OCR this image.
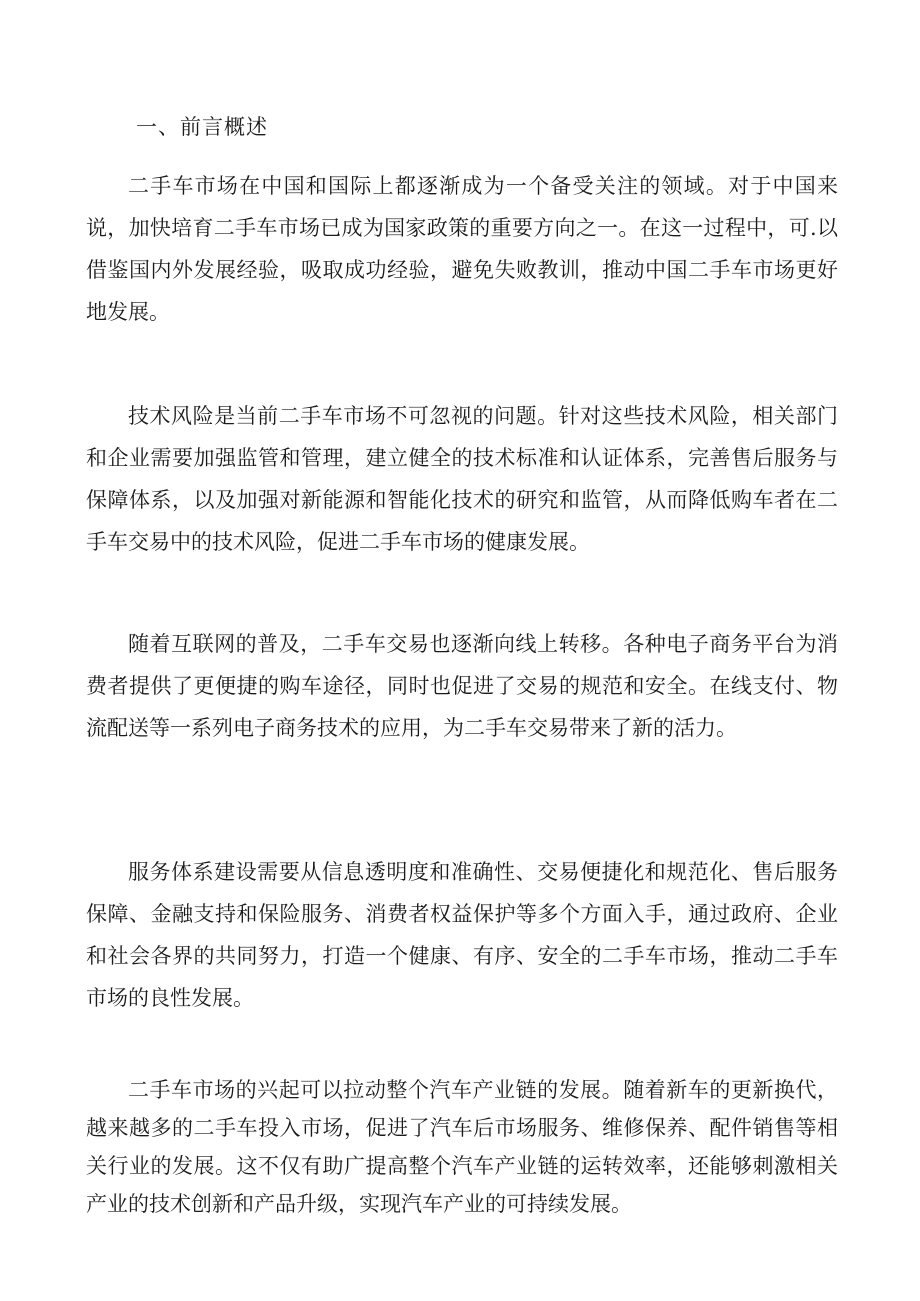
一、前言概述

二手车市场在中国和国际上都逐渐成为一个备受关注的领域。对于中国来说，加快培育二手车市场已成为国家政策的重要方向之一。在这一过程中，可.以借鉴国内外发展经验，吸取成功经验，避免失败教训，推动中国二手车市场更好地发展。

技术风险是当前二手车市场不可忽视的问题。针对这些技术风险，相关部门和企业需要加强监管和管理，建立健全的技术标准和认证体系，完善售后服务与保障体系，以及加强对新能源和智能化技术的研究和监管，从而降低购车者在二手车交易中的技术风险，促进二手车市场的健康发展。

随着互联网的普及，二手车交易也逐渐向线上转移。各种电子商务平台为消费者提供了更便捷的购车途径，同时也促进了交易的规范和安全。在线支付、物流配送等一系列电子商务技术的应用，为二手车交易带来了新的活力。

服务体系建设需要从信息透明度和准确性、交易便捷化和规范化、售后服务保障、金融支持和保险服务、消费者权益保护等多个方面入手，通过政府、企业和社会各界的共同努力，打造一个健康、有序、安全的二手车市场，推动二手车市场的良性发展。

二手车市场的兴起可以拉动整个汽车产业链的发展。随着新车的更新换代，越来越多的二手车投入市场，促进了汽车后市场服务、维修保养、配件销售等相关行业的发展。这不仅有助广提高整个汽车产业链的运转效率，还能够刺激相关产业的技术创新和产品升级，实现汽车产业的可持续发展。
